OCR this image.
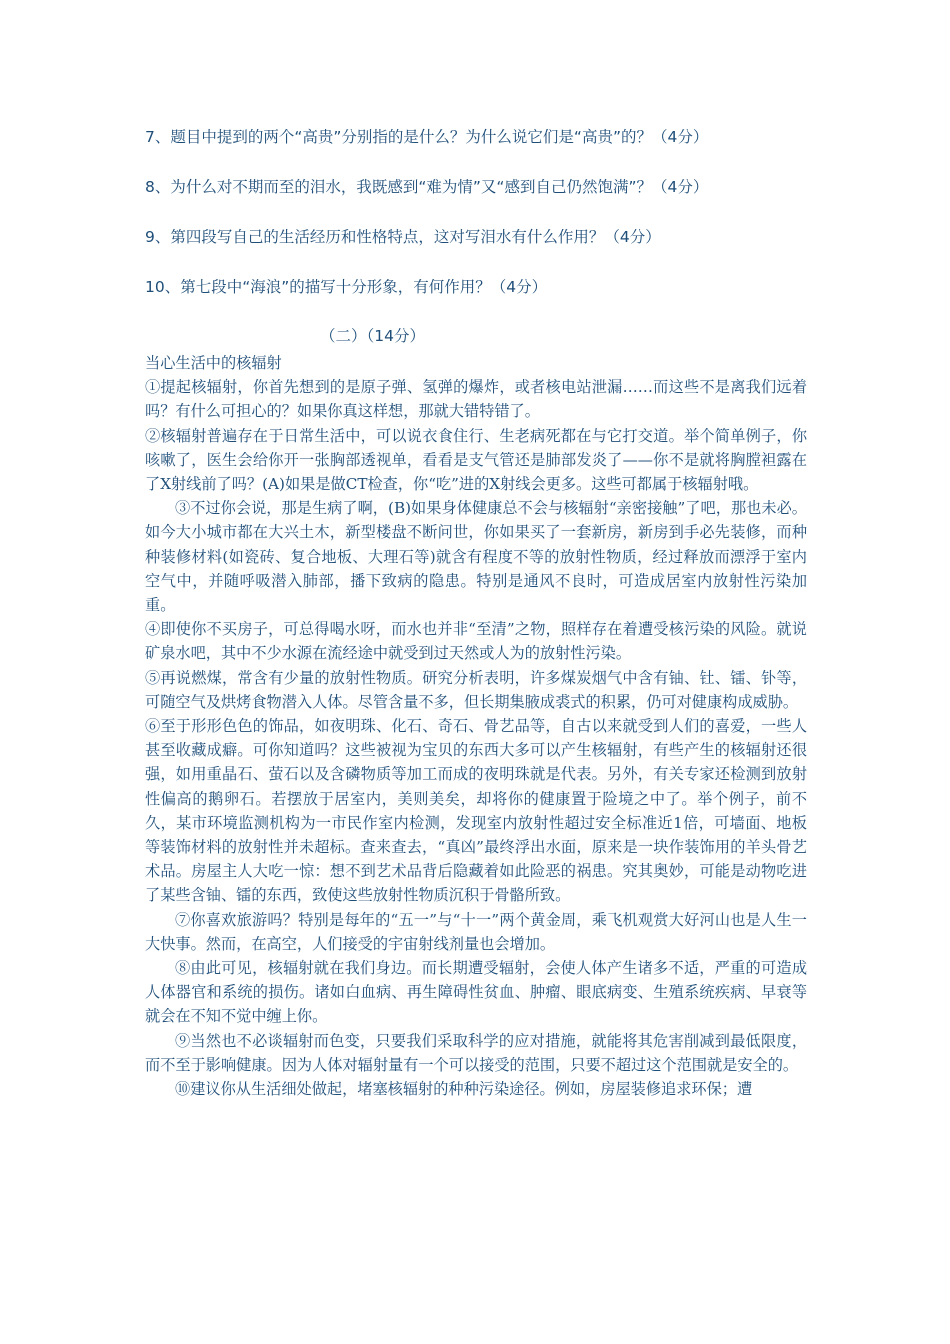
7、题目中提到的两个“高贵”分别指的是什么？为什么说它们是“高贵”的？（4分）
8、为什么对不期而至的泪水，我既感到“难为情”又“感到自己仍然饱满”？（4分）
9、第四段写自己的生活经历和性格特点，这对写泪水有什么作用？（4分）
10、第七段中“海浪”的描写十分形象，有何作用？（4分）
（二）（14分）

当心生活中的核辐射

①提起核辐射，你首先想到的是原子弹、氢弹的爆炸，或者核电站泄漏……而这些不是离我们远着吗？有什么可担心的？如果你真这样想，那就大错特错了。

②核辐射普遍存在于日常生活中，可以说衣食住行、生老病死都在与它打交道。举个简单例子，你咳嗽了，医生会给你开一张胸部透视单，看看是支气管还是肺部发炎了——你不是就将胸膛袒露在了X射线前了吗？(A)如果是做CT检查，你“吃”进的X射线会更多。这些可都属于核辐射哦。

③不过你会说，那是生病了啊，(B)如果身体健康总不会与核辐射“亲密接触”了吧，那也未必。如今大小城市都在大兴土木，新型楼盘不断问世，你如果买了一套新房，新房到手必先装修，而种种装修材料(如瓷砖、复合地板、大理石等)就含有程度不等的放射性物质，经过释放而漂浮于室内空气中，并随呼吸潜入肺部，播下致病的隐患。特别是通风不良时，可造成居室内放射性污染加重。

④即使你不买房子，可总得喝水呀，而水也并非“至清”之物，照样存在着遭受核污染的风险。就说矿泉水吧，其中不少水源在流经途中就受到过天然或人为的放射性污染。

⑤再说燃煤，常含有少量的放射性物质。研究分析表明，许多煤炭烟气中含有铀、钍、镭、钋等，可随空气及烘烤食物潜入人体。尽管含量不多，但长期集腋成裘式的积累，仍可对健康构成威胁。

⑥至于形形色色的饰品，如夜明珠、化石、奇石、骨艺品等，自古以来就受到人们的喜爱，一些人甚至收藏成癖。可你知道吗？这些被视为宝贝的东西大多可以产生核辐射，有些产生的核辐射还很强，如用重晶石、萤石以及含磷物质等加工而成的夜明珠就是代表。另外，有关专家还检测到放射性偏高的鹅卵石。若摆放于居室内，美则美矣，却将你的健康置于险境之中了。举个例子，前不久，某市环境监测机构为一市民作室内检测，发现室内放射性超过安全标准近1倍，可墙面、地板等装饰材料的放射性并未超标。查来查去，“真凶”最终浮出水面，原来是一块作装饰用的羊头骨艺术品。房屋主人大吃一惊：想不到艺术品背后隐藏着如此险恶的祸患。究其奥妙，可能是动物吃进了某些含铀、镭的东西，致使这些放射性物质沉积于骨骼所致。

⑦你喜欢旅游吗？特别是每年的“五一”与“十一”两个黄金周，乘飞机观赏大好河山也是人生一大快事。然而，在高空，人们接受的宇宙射线剂量也会增加。

⑧由此可见，核辐射就在我们身边。而长期遭受辐射，会使人体产生诸多不适，严重的可造成人体器官和系统的损伤。诸如白血病、再生障碍性贫血、肿瘤、眼底病变、生殖系统疾病、早衰等就会在不知不觉中缠上你。

⑨当然也不必谈辐射而色变，只要我们采取科学的应对措施，就能将其危害削减到最低限度，而不至于影响健康。因为人体对辐射量有一个可以接受的范围，只要不超过这个范围就是安全的。

⑩建议你从生活细处做起，堵塞核辐射的种种污染途径。例如，房屋装修追求环保；遭
